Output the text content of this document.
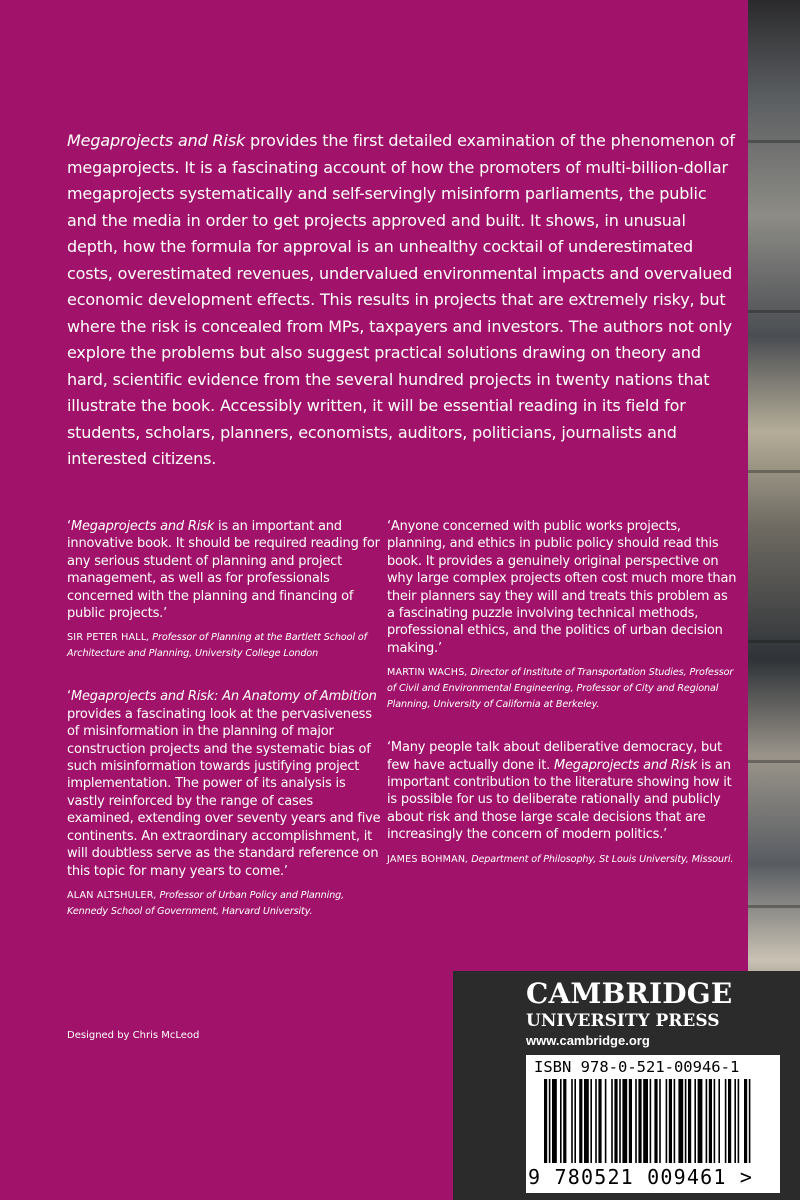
Megaprojects and Risk provides the first detailed examination of the phenomenon of megaprojects. It is a fascinating account of how the promoters of multi-billion-dollar megaprojects systematically and self-servingly misinform parliaments, the public and the media in order to get projects approved and built. It shows, in unusual depth, how the formula for approval is an unhealthy cocktail of underestimated costs, overestimated revenues, undervalued environmental impacts and overvalued economic development effects. This results in projects that are extremely risky, but where the risk is concealed from MPs, taxpayers and investors. The authors not only explore the problems but also suggest practical solutions drawing on theory and hard, scientific evidence from the several hundred projects in twenty nations that illustrate the book. Accessibly written, it will be essential reading in its field for students, scholars, planners, economists, auditors, politicians, journalists and interested citizens.

‘Megaprojects and Risk is an important and innovative book. It should be required reading for any serious student of planning and project management, as well as for professionals concerned with the planning and financing of public projects.’

SIR PETER HALL, Professor of Planning at the Bartlett School of Architecture and Planning, University College London

‘Megaprojects and Risk: An Anatomy of Ambition provides a fascinating look at the pervasiveness of misinformation in the planning of major construction projects and the systematic bias of such misinformation towards justifying project implementation. The power of its analysis is vastly reinforced by the range of cases examined, extending over seventy years and five continents. An extraordinary accomplishment, it will doubtless serve as the standard reference on this topic for many years to come.’

ALAN ALTSHULER, Professor of Urban Policy and Planning, Kennedy School of Government, Harvard University.

‘Anyone concerned with public works projects, planning, and ethics in public policy should read this book. It provides a genuinely original perspective on why large complex projects often cost much more than their planners say they will and treats this problem as a fascinating puzzle involving technical methods, professional ethics, and the politics of urban decision making.’

MARTIN WACHS, Director of Institute of Transportation Studies, Professor of Civil and Environmental Engineering, Professor of City and Regional Planning, University of California at Berkeley.

‘Many people talk about deliberative democracy, but few have actually done it. Megaprojects and Risk is an important contribution to the literature showing how it is possible for us to deliberate rationally and publicly about risk and those large scale decisions that are increasingly the concern of modern politics.’

JAMES BOHMAN, Department of Philosophy, St Louis University, Missouri.

Designed by Chris McLeod
CAMBRIDGE
UNIVERSITY PRESS
www.cambridge.org
ISBN 978-0-521-00946-1
9 780521 009461 >
